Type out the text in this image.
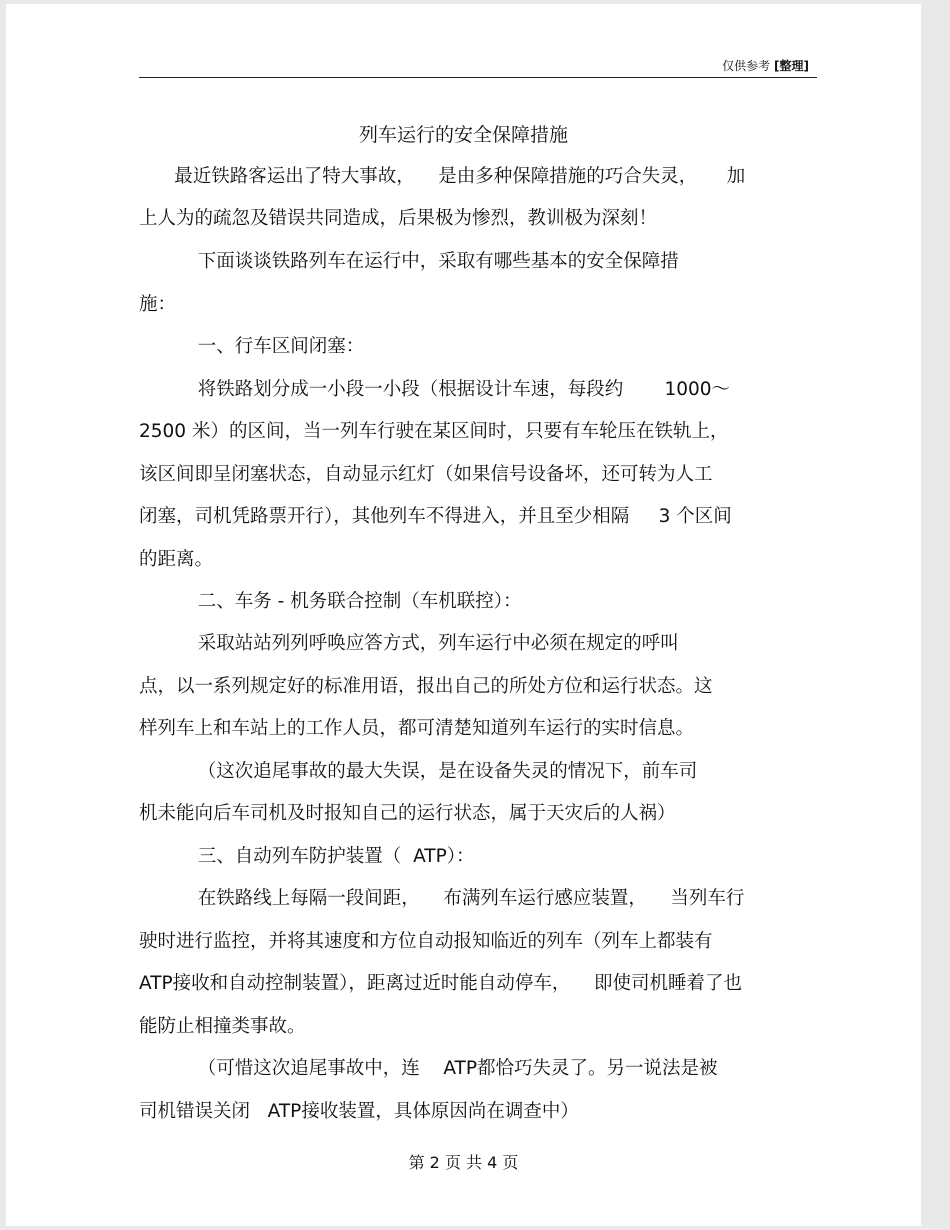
仅供参考 [整理]
列车运行的安全保障措施
最近铁路客运出了特大事故，    是由多种保障措施的巧合失灵，     加
上人为的疏忽及错误共同造成，后果极为惨烈，教训极为深刻！
下面谈谈铁路列车在运行中，采取有哪些基本的安全保障措
施：
一、行车区间闭塞：
将铁路划分成一小段一小段（根据设计车速，每段约       1000～
2500 米）的区间，当一列车行驶在某区间时，只要有车轮压在铁轨上，
该区间即呈闭塞状态，自动显示红灯（如果信号设备坏，还可转为人工
闭塞，司机凭路票开行），其他列车不得进入，并且至少相隔     3 个区间
的距离。
二、车务 - 机务联合控制（车机联控）：
采取站站列列呼唤应答方式，列车运行中必须在规定的呼叫
点，以一系列规定好的标准用语，报出自己的所处方位和运行状态。这
样列车上和车站上的工作人员，都可清楚知道列车运行的实时信息。
（这次追尾事故的最大失误，是在设备失灵的情况下，前车司
机未能向后车司机及时报知自己的运行状态，属于天灾后的人祸）
三、自动列车防护装置（  ATP）：
在铁路线上每隔一段间距，    布满列车运行感应装置，    当列车行
驶时进行监控，并将其速度和方位自动报知临近的列车（列车上都装有
ATP接收和自动控制装置），距离过近时能自动停车，    即使司机睡着了也
能防止相撞类事故。
（可惜这次追尾事故中，连    ATP都恰巧失灵了。另一说法是被
司机错误关闭   ATP接收装置，具体原因尚在调查中）
第 2 页 共 4 页
